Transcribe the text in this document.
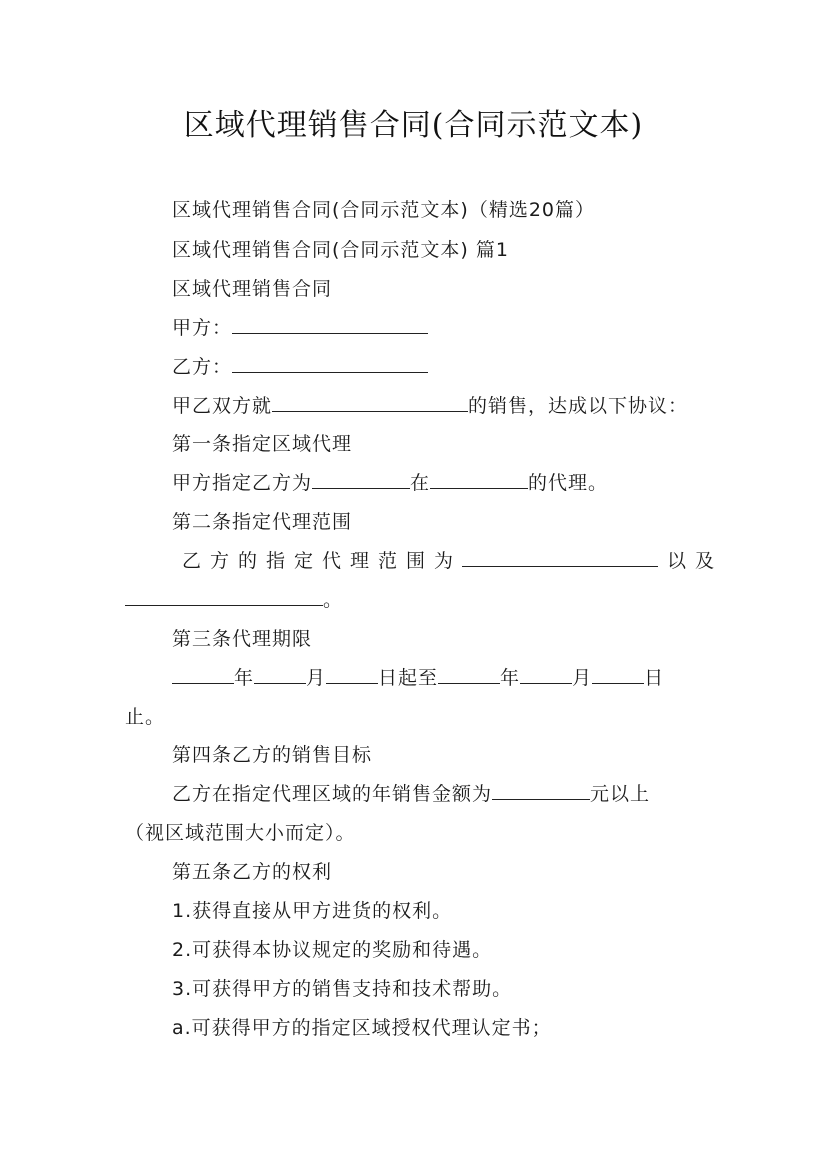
区域代理销售合同(合同示范文本)
区域代理销售合同(合同示范文本)（精选20篇）
区域代理销售合同(合同示范文本) 篇1
区域代理销售合同
甲方：
乙方：
甲乙双方就	的销售，达成以下协议：
第一条指定区域代理
甲方指定乙方为	在	的代理。
第二条指定代理范围
乙方的指定代理范围为	以及
。
第三条代理期限
年	月	日起至	年	月	日
止。
第四条乙方的销售目标
乙方在指定代理区域的年销售金额为	元以上
（视区域范围大小而定）。
第五条乙方的权利
1.获得直接从甲方进货的权利。
2.可获得本协议规定的奖励和待遇。
3.可获得甲方的销售支持和技术帮助。
a.可获得甲方的指定区域授权代理认定书；
